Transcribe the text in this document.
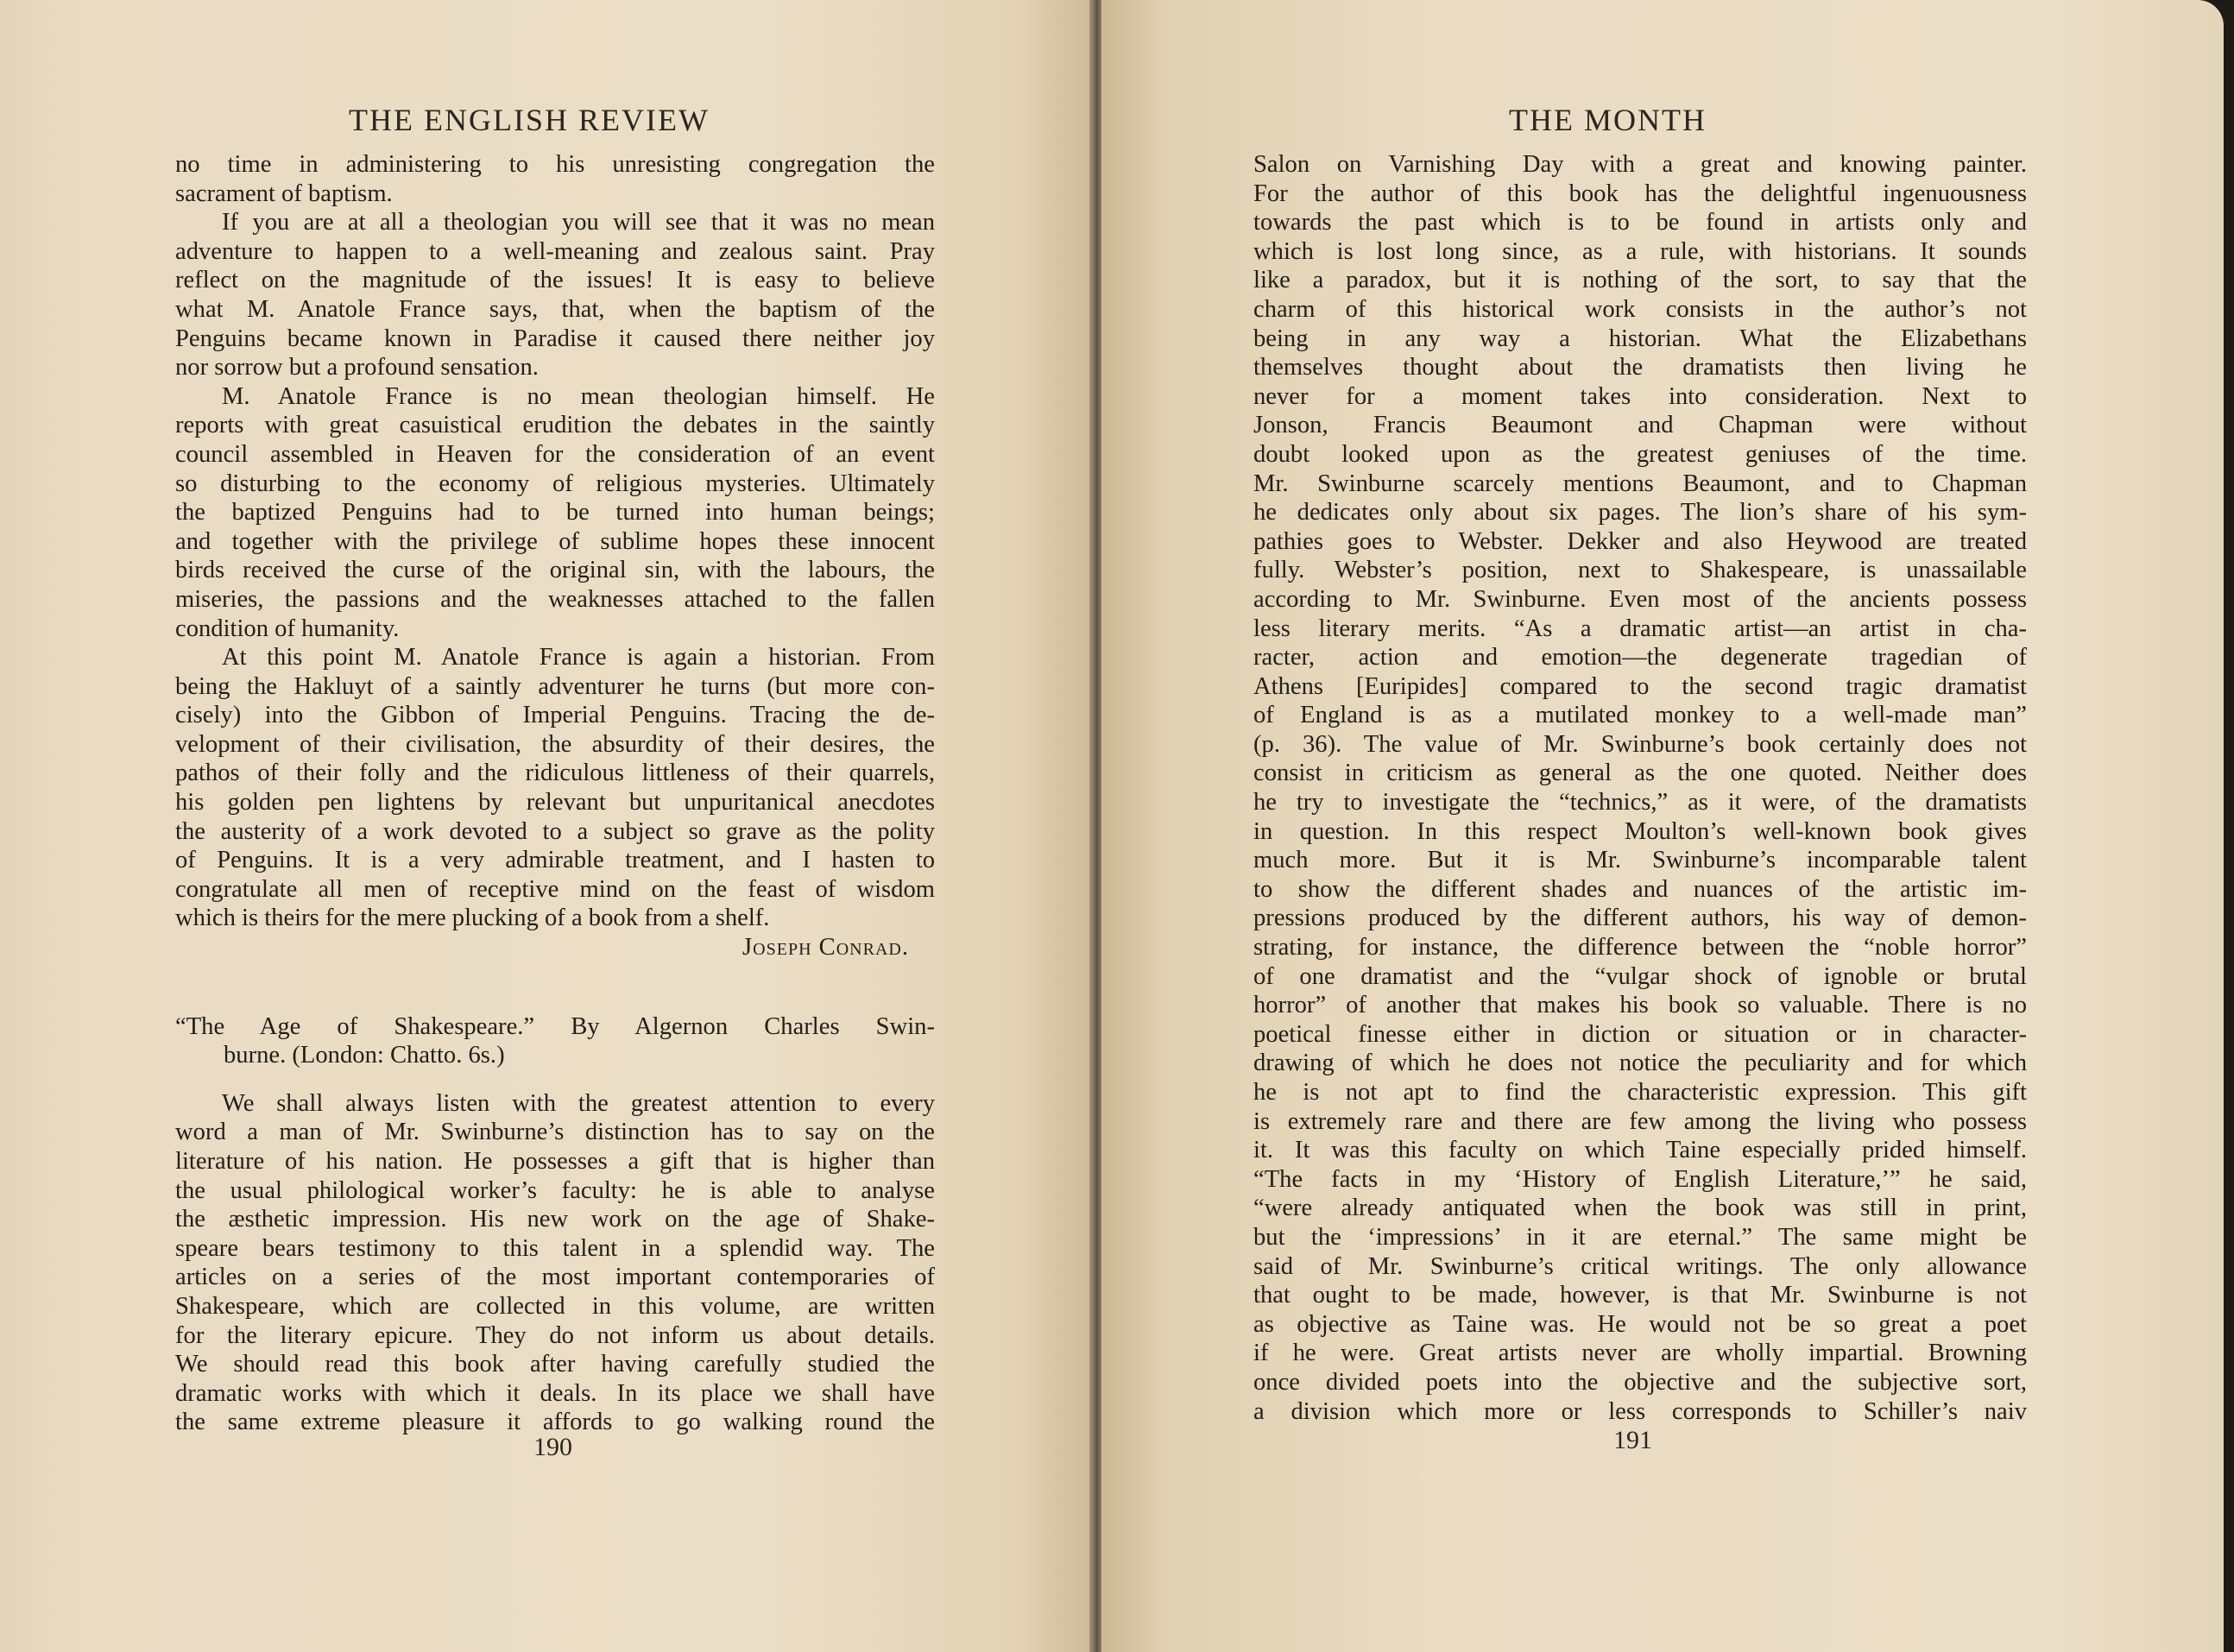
THE ENGLISH REVIEW
no time in administering to his unresisting congregation the
sacrament of baptism.
If you are at all a theologian you will see that it was no mean
adventure to happen to a well-meaning and zealous saint. Pray
reflect on the magnitude of the issues! It is easy to believe
what M. Anatole France says, that, when the baptism of the
Penguins became known in Paradise it caused there neither joy
nor sorrow but a profound sensation.
M. Anatole France is no mean theologian himself. He
reports with great casuistical erudition the debates in the saintly
council assembled in Heaven for the consideration of an event
so disturbing to the economy of religious mysteries. Ultimately
the baptized Penguins had to be turned into human beings;
and together with the privilege of sublime hopes these innocent
birds received the curse of the original sin, with the labours, the
miseries, the passions and the weaknesses attached to the fallen
condition of humanity.
At this point M. Anatole France is again a historian. From
being the Hakluyt of a saintly adventurer he turns (but more con-
cisely) into the Gibbon of Imperial Penguins. Tracing the de-
velopment of their civilisation, the absurdity of their desires, the
pathos of their folly and the ridiculous littleness of their quarrels,
his golden pen lightens by relevant but unpuritanical anecdotes
the austerity of a work devoted to a subject so grave as the polity
of Penguins. It is a very admirable treatment, and I hasten to
congratulate all men of receptive mind on the feast of wisdom
which is theirs for the mere plucking of a book from a shelf.
Joseph Conrad.
“The Age of Shakespeare.” By Algernon Charles Swin-
burne. (London: Chatto. 6s.)
We shall always listen with the greatest attention to every
word a man of Mr. Swinburne’s distinction has to say on the
literature of his nation. He possesses a gift that is higher than
the usual philological worker’s faculty: he is able to analyse
the æsthetic impression. His new work on the age of Shake-
speare bears testimony to this talent in a splendid way. The
articles on a series of the most important contemporaries of
Shakespeare, which are collected in this volume, are written
for the literary epicure. They do not inform us about details.
We should read this book after having carefully studied the
dramatic works with which it deals. In its place we shall have
the same extreme pleasure it affords to go walking round the
190
THE MONTH
Salon on Varnishing Day with a great and knowing painter.
For the author of this book has the delightful ingenuousness
towards the past which is to be found in artists only and
which is lost long since, as a rule, with historians. It sounds
like a paradox, but it is nothing of the sort, to say that the
charm of this historical work consists in the author’s not
being in any way a historian. What the Elizabethans
themselves thought about the dramatists then living he
never for a moment takes into consideration. Next to
Jonson, Francis Beaumont and Chapman were without
doubt looked upon as the greatest geniuses of the time.
Mr. Swinburne scarcely mentions Beaumont, and to Chapman
he dedicates only about six pages. The lion’s share of his sym-
pathies goes to Webster. Dekker and also Heywood are treated
fully. Webster’s position, next to Shakespeare, is unassailable
according to Mr. Swinburne. Even most of the ancients possess
less literary merits. “As a dramatic artist—an artist in cha-
racter, action and emotion—the degenerate tragedian of
Athens [Euripides] compared to the second tragic dramatist
of England is as a mutilated monkey to a well-made man”
(p. 36). The value of Mr. Swinburne’s book certainly does not
consist in criticism as general as the one quoted. Neither does
he try to investigate the “technics,” as it were, of the dramatists
in question. In this respect Moulton’s well-known book gives
much more. But it is Mr. Swinburne’s incomparable talent
to show the different shades and nuances of the artistic im-
pressions produced by the different authors, his way of demon-
strating, for instance, the difference between the “noble horror”
of one dramatist and the “vulgar shock of ignoble or brutal
horror” of another that makes his book so valuable. There is no
poetical finesse either in diction or situation or in character-
drawing of which he does not notice the peculiarity and for which
he is not apt to find the characteristic expression. This gift
is extremely rare and there are few among the living who possess
it. It was this faculty on which Taine especially prided himself.
“The facts in my ‘History of English Literature,’” he said,
“were already antiquated when the book was still in print,
but the ‘impressions’ in it are eternal.” The same might be
said of Mr. Swinburne’s critical writings. The only allowance
that ought to be made, however, is that Mr. Swinburne is not
as objective as Taine was. He would not be so great a poet
if he were. Great artists never are wholly impartial. Browning
once divided poets into the objective and the subjective sort,
a division which more or less corresponds to Schiller’s naiv
191
